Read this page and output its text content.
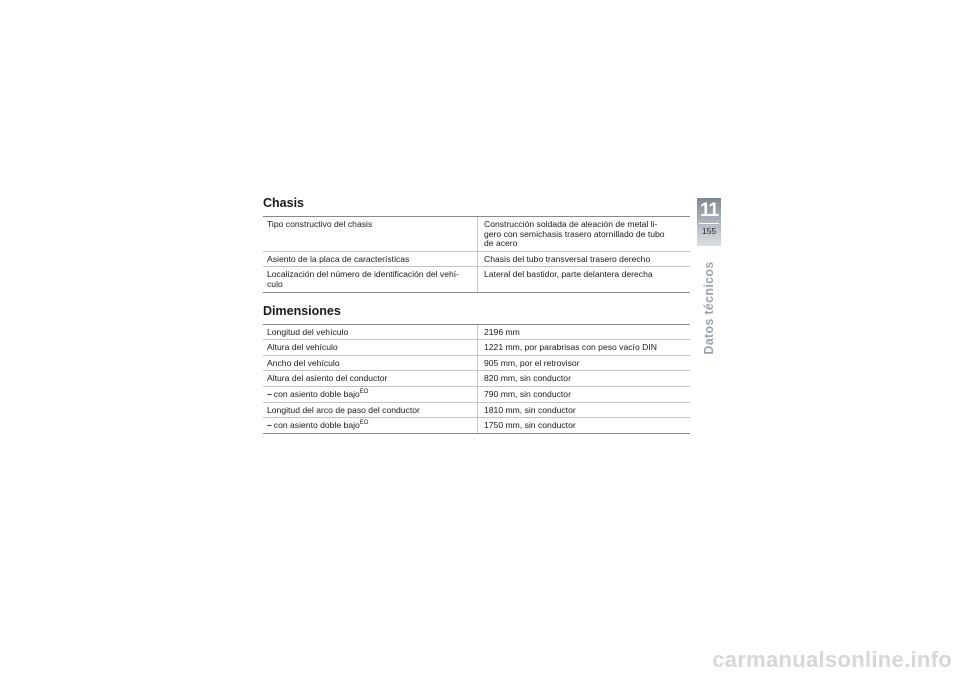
Chasis
Tipo constructivo del chasis	Construcción soldada de aleación de metal li-
gero con semichasis trasero atornillado de tubo
de acero
Asiento de la placa de características	Chasis del tubo transversal trasero derecho
Localización del número de identificación del vehí-
culo	Lateral del bastidor, parte delantera derecha
Dimensiones
Longitud del vehículo	2196 mm
Altura del vehículo	1221 mm, por parabrisas con peso vacío DIN
Ancho del vehículo	905 mm, por el retrovisor
Altura del asiento del conductor	820 mm, sin conductor
– con asiento doble bajo$^{EO}$	790 mm, sin conductor
Longitud del arco de paso del conductor	1810 mm, sin conductor
– con asiento doble bajo$^{EO}$	1750 mm, sin conductor
11
155
Datos técnicos
carmanualsonline.info
